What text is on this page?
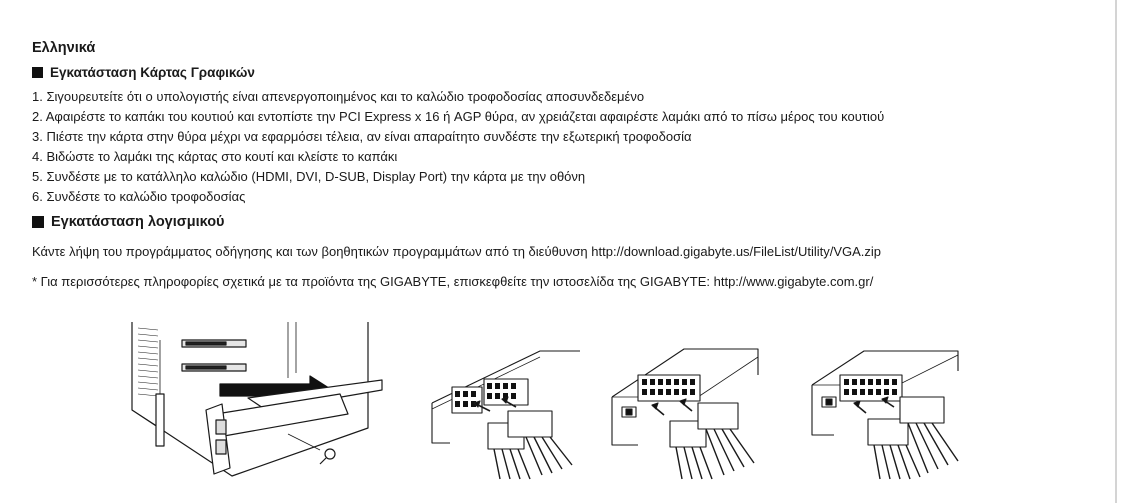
Ελληνικά
Εγκατάσταση Κάρτας Γραφικών
1. Σιγουρευτείτε ότι ο υπολογιστής είναι απενεργοποιημένος και το καλώδιο τροφοδοσίας αποσυνδεδεμένο
2. Αφαιρέστε το καπάκι του κουτιού και εντοπίστε την PCI Express x 16 ή AGP θύρα, αν χρειάζεται αφαιρέστε λαμάκι από το πίσω μέρος του κουτιού
3. Πιέστε την κάρτα στην θύρα μέχρι να εφαρμόσει τέλεια, αν είναι απαραίτητο συνδέστε την εξωτερική τροφοδοσία
4. Βιδώστε το λαμάκι της κάρτας στο κουτί και κλείστε το καπάκι
5. Συνδέστε με το κατάλληλο καλώδιο (HDMI, DVI, D-SUB, Display Port) την κάρτα με την οθόνη
6. Συνδέστε το καλώδιο τροφοδοσίας
Εγκατάσταση λογισμικού

Κάντε λήψη του προγράμματος οδήγησης και των βοηθητικών προγραμμάτων από τη διεύθυνση http://download.gigabyte.us/FileList/Utility/VGA.zip

* Για περισσότερες πληροφορίες σχετικά με τα προϊόντα της GIGABYTE, επισκεφθείτε την ιστοσελίδα της GIGABYTE: http://www.gigabyte.com.gr/
